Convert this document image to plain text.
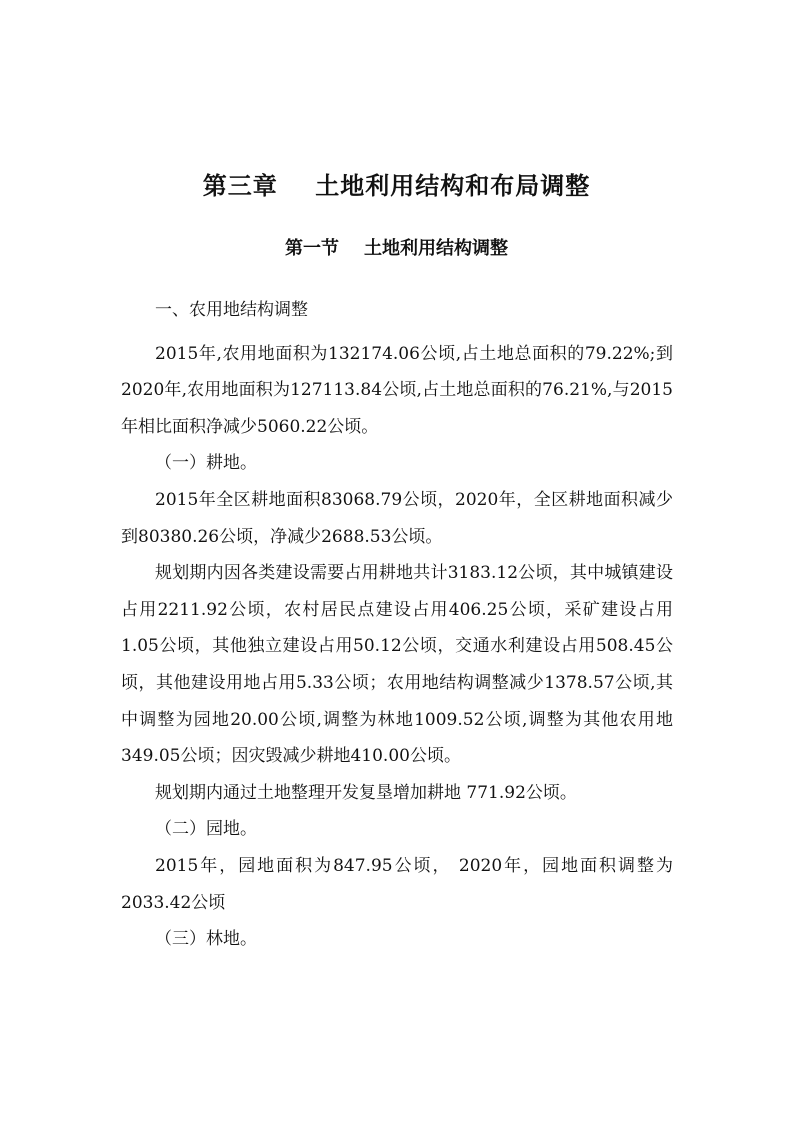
第三章    土地利用结构和布局调整
第一节    土地利用结构调整

一、农用地结构调整

2015年,农用地面积为132174.06公顷,占土地总面积的79.22%;到2020年,农用地面积为127113.84公顷,占土地总面积的76.21%,与2015年相比面积净减少5060.22公顷。

（一）耕地。

2015年全区耕地面积83068.79公顷，2020年，全区耕地面积减少到80380.26公顷，净减少2688.53公顷。

规划期内因各类建设需要占用耕地共计3183.12公顷，其中城镇建设占用2211.92公顷，农村居民点建设占用406.25公顷，采矿建设占用1.05公顷，其他独立建设占用50.12公顷，交通水利建设占用508.45公顷，其他建设用地占用5.33公顷；农用地结构调整减少1378.57公顷,其中调整为园地20.00公顷,调整为林地1009.52公顷,调整为其他农用地349.05公顷；因灾毁减少耕地410.00公顷。

规划期内通过土地整理开发复垦增加耕地 771.92公顷。

（二）园地。

2015年，园地面积为847.95公顷， 2020年，园地面积调整为2033.42公顷

（三）林地。
